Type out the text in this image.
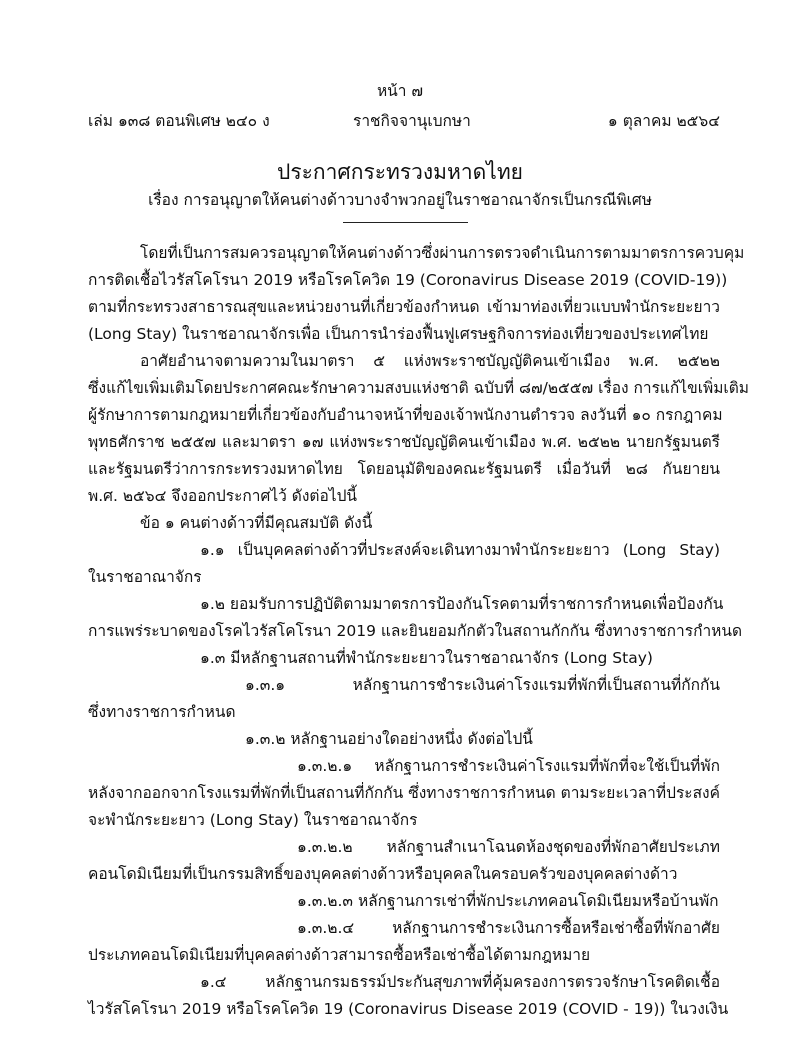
หน้า ๗
เล่ม ๑๓๘ ตอนพิเศษ ๒๔๐ ง	ราชกิจจานุเบกษา	๑ ตุลาคม ๒๕๖๔
ประกาศกระทรวงมหาดไทย
เรื่อง การอนุญาตให้คนต่างด้าวบางจำพวกอยู่ในราชอาณาจักรเป็นกรณีพิเศษ
โดยที่เป็นการสมควรอนุญาตให้คนต่างด้าวซึ่งผ่านการตรวจดำเนินการตามมาตรการควบคุม
การติดเชื้อไวรัสโคโรนา 2019 หรือโรคโควิด 19 (Coronavirus Disease 2019 (COVID-19))
ตามที่กระทรวงสาธารณสุขและหน่วยงานที่เกี่ยวข้องกำหนด เข้ามาท่องเที่ยวแบบพำนักระยะยาว
(Long Stay) ในราชอาณาจักรเพื่อ เป็นการนำร่องฟื้นฟูเศรษฐกิจการท่องเที่ยวของประเทศไทย
อาศัยอำนาจตามความในมาตรา ๕ แห่งพระราชบัญญัติคนเข้าเมือง พ.ศ. ๒๕๒๒
ซึ่งแก้ไขเพิ่มเติมโดยประกาศคณะรักษาความสงบแห่งชาติ ฉบับที่ ๘๗/๒๕๕๗ เรื่อง การแก้ไขเพิ่มเติม
ผู้รักษาการตามกฎหมายที่เกี่ยวข้องกับอำนาจหน้าที่ของเจ้าพนักงานตำรวจ ลงวันที่ ๑๐ กรกฎาคม
พุทธศักราช ๒๕๕๗ และมาตรา ๑๗ แห่งพระราชบัญญัติคนเข้าเมือง พ.ศ. ๒๕๒๒ นายกรัฐมนตรี
และรัฐมนตรีว่าการกระทรวงมหาดไทย โดยอนุมัติของคณะรัฐมนตรี เมื่อวันที่ ๒๘ กันยายน
พ.ศ. ๒๕๖๔ จึงออกประกาศไว้ ดังต่อไปนี้
ข้อ ๑ คนต่างด้าวที่มีคุณสมบัติ ดังนี้
๑.๑ เป็นบุคคลต่างด้าวที่ประสงค์จะเดินทางมาพำนักระยะยาว (Long Stay)
ในราชอาณาจักร
๑.๒ ยอมรับการปฏิบัติตามมาตรการป้องกันโรคตามที่ราชการกำหนดเพื่อป้องกัน
การแพร่ระบาดของโรคไวรัสโคโรนา 2019 และยินยอมกักตัวในสถานกักกัน ซึ่งทางราชการกำหนด
๑.๓ มีหลักฐานสถานที่พำนักระยะยาวในราชอาณาจักร (Long Stay)
๑.๓.๑ หลักฐานการชำระเงินค่าโรงแรมที่พักที่เป็นสถานที่กักกัน
ซึ่งทางราชการกำหนด
๑.๓.๒ หลักฐานอย่างใดอย่างหนึ่ง ดังต่อไปนี้
๑.๓.๒.๑ หลักฐานการชำระเงินค่าโรงแรมที่พักที่จะใช้เป็นที่พัก
หลังจากออกจากโรงแรมที่พักที่เป็นสถานที่กักกัน ซึ่งทางราชการกำหนด ตามระยะเวลาที่ประสงค์
จะพำนักระยะยาว (Long Stay) ในราชอาณาจักร
๑.๓.๒.๒ หลักฐานสำเนาโฉนดห้องชุดของที่พักอาศัยประเภท
คอนโดมิเนียมที่เป็นกรรมสิทธิ์ของบุคคลต่างด้าวหรือบุคคลในครอบครัวของบุคคลต่างด้าว
๑.๓.๒.๓ หลักฐานการเช่าที่พักประเภทคอนโดมิเนียมหรือบ้านพัก
๑.๓.๒.๔ หลักฐานการชำระเงินการซื้อหรือเช่าซื้อที่พักอาศัย
ประเภทคอนโดมิเนียมที่บุคคลต่างด้าวสามารถซื้อหรือเช่าซื้อได้ตามกฎหมาย
๑.๔ หลักฐานกรมธรรม์ประกันสุขภาพที่คุ้มครองการตรวจรักษาโรคติดเชื้อ
ไวรัสโคโรนา 2019 หรือโรคโควิด 19 (Coronavirus Disease 2019 (COVID - 19)) ในวงเงิน
